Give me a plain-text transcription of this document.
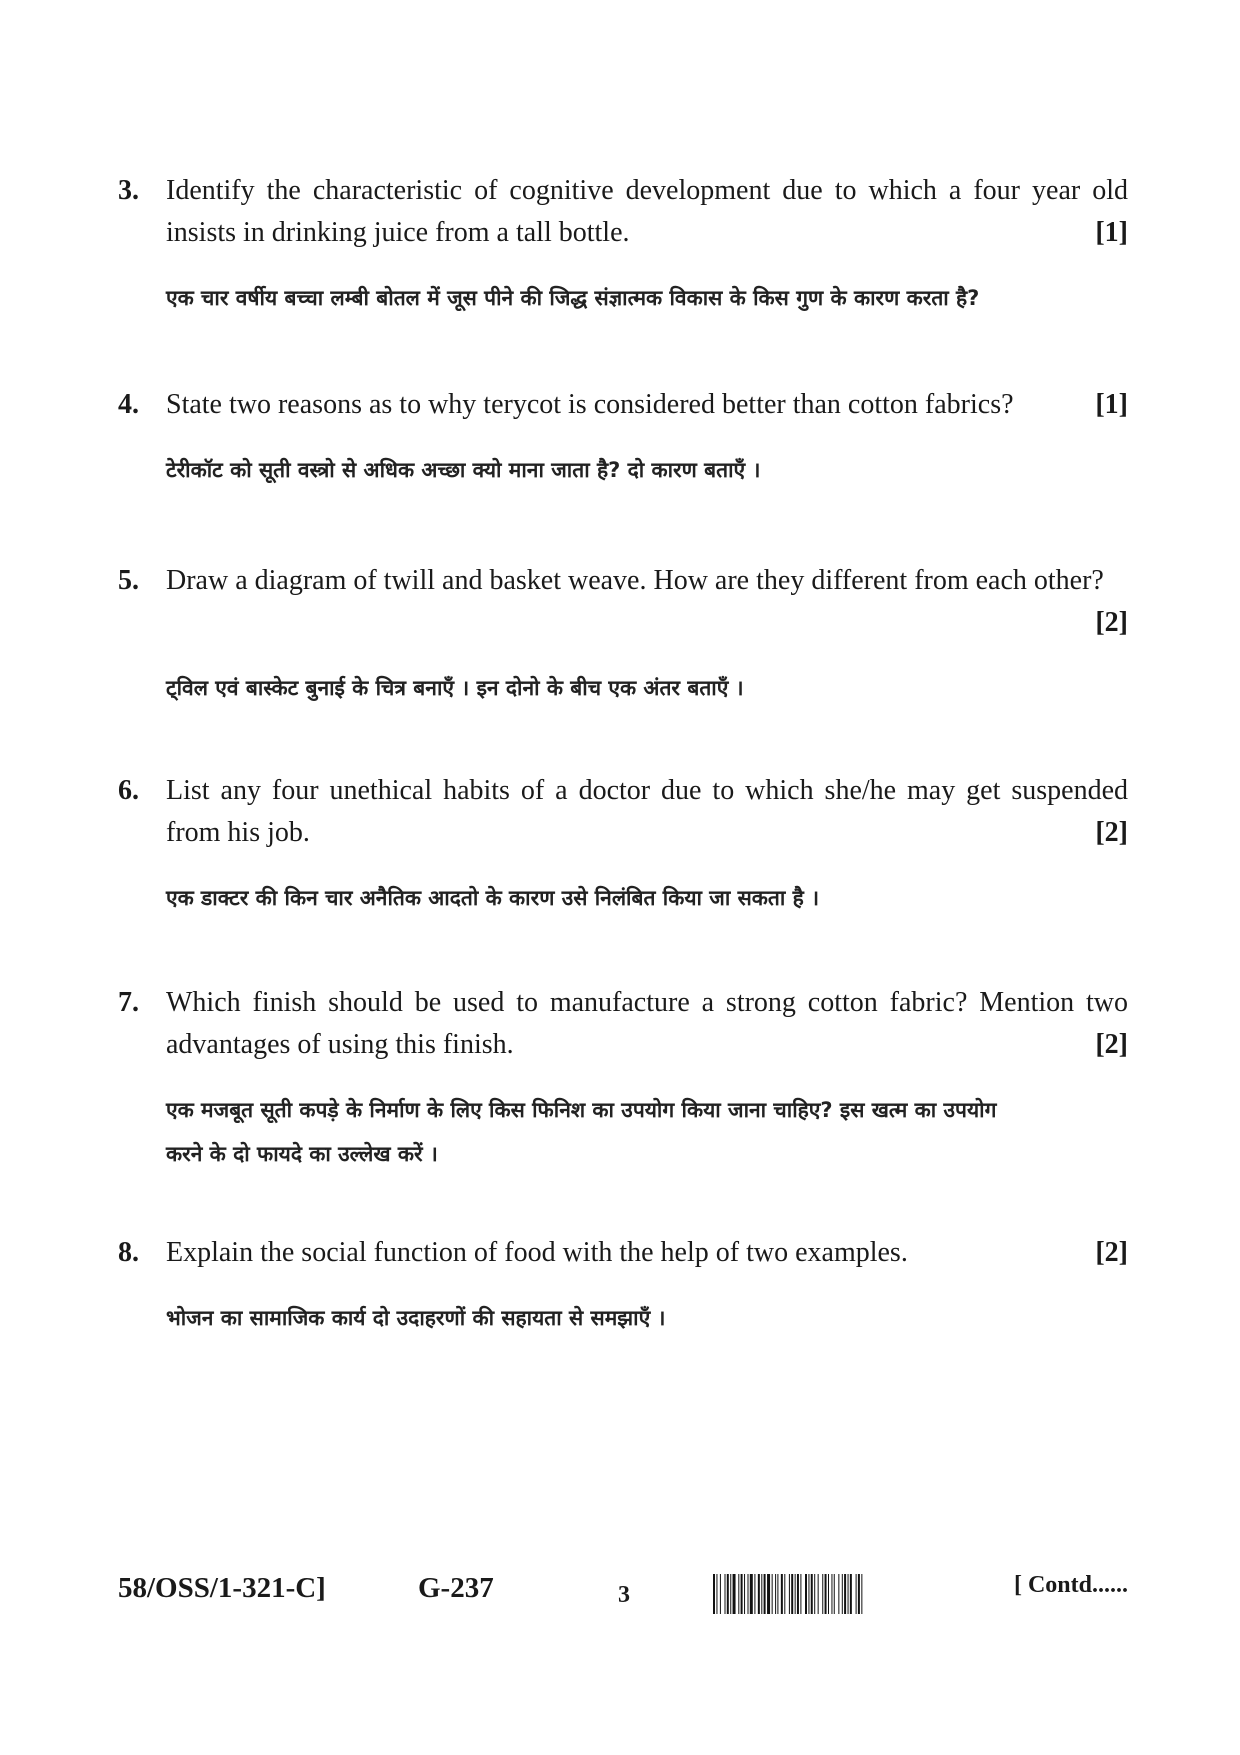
3. Identify the characteristic of cognitive development due to which a four year old
insists in drinking juice from a tall bottle.	[1]
एक चार वर्षीय बच्चा लम्बी बोतल में जूस पीने की जिद्ध संज्ञात्मक विकास के किस गुण के कारण करता है?
4. State two reasons as to why terycot is considered better than cotton fabrics?	[1]
टेरीकॉट को सूती वस्त्रो से अधिक अच्छा क्यो माना जाता है? दो कारण बताएँ ।
5. Draw a diagram of twill and basket weave. How are they different from each other?
[2]
ट्विल एवं बास्केट बुनाई के चित्र बनाएँ । इन दोनो के बीच एक अंतर बताएँ ।
6. List any four unethical habits of a doctor due to which she/he may get suspended
from his job.	[2]
एक डाक्टर की किन चार अनैतिक आदतो के कारण उसे निलंबित किया जा सकता है ।
7. Which finish should be used to manufacture a strong cotton fabric? Mention two
advantages of using this finish.	[2]
एक मजबूत सूती कपड़े के निर्माण के लिए किस फिनिश का उपयोग किया जाना चाहिए? इस खत्म का उपयोग
करने के दो फायदे का उल्लेख करें ।
8. Explain the social function of food with the help of two examples.	[2]
भोजन का सामाजिक कार्य दो उदाहरणों की सहायता से समझाएँ ।
58/OSS/1-321-C]	G-237	3	[ Contd......
